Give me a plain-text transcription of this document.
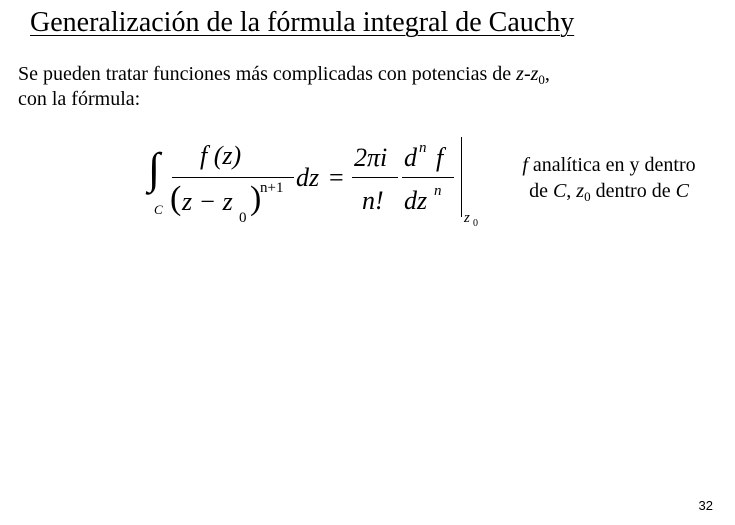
Generalización de la fórmula integral de Cauchy
Se pueden tratar funciones más complicadas con potencias de $z-z_0$,
con la fórmula:
∫
C
f (z)
( z − z
0
)
n+1 dz =
2πi
n!
d n f
dz n
z 0
f analítica en y dentro
de C, $z_0$ dentro de C
32
